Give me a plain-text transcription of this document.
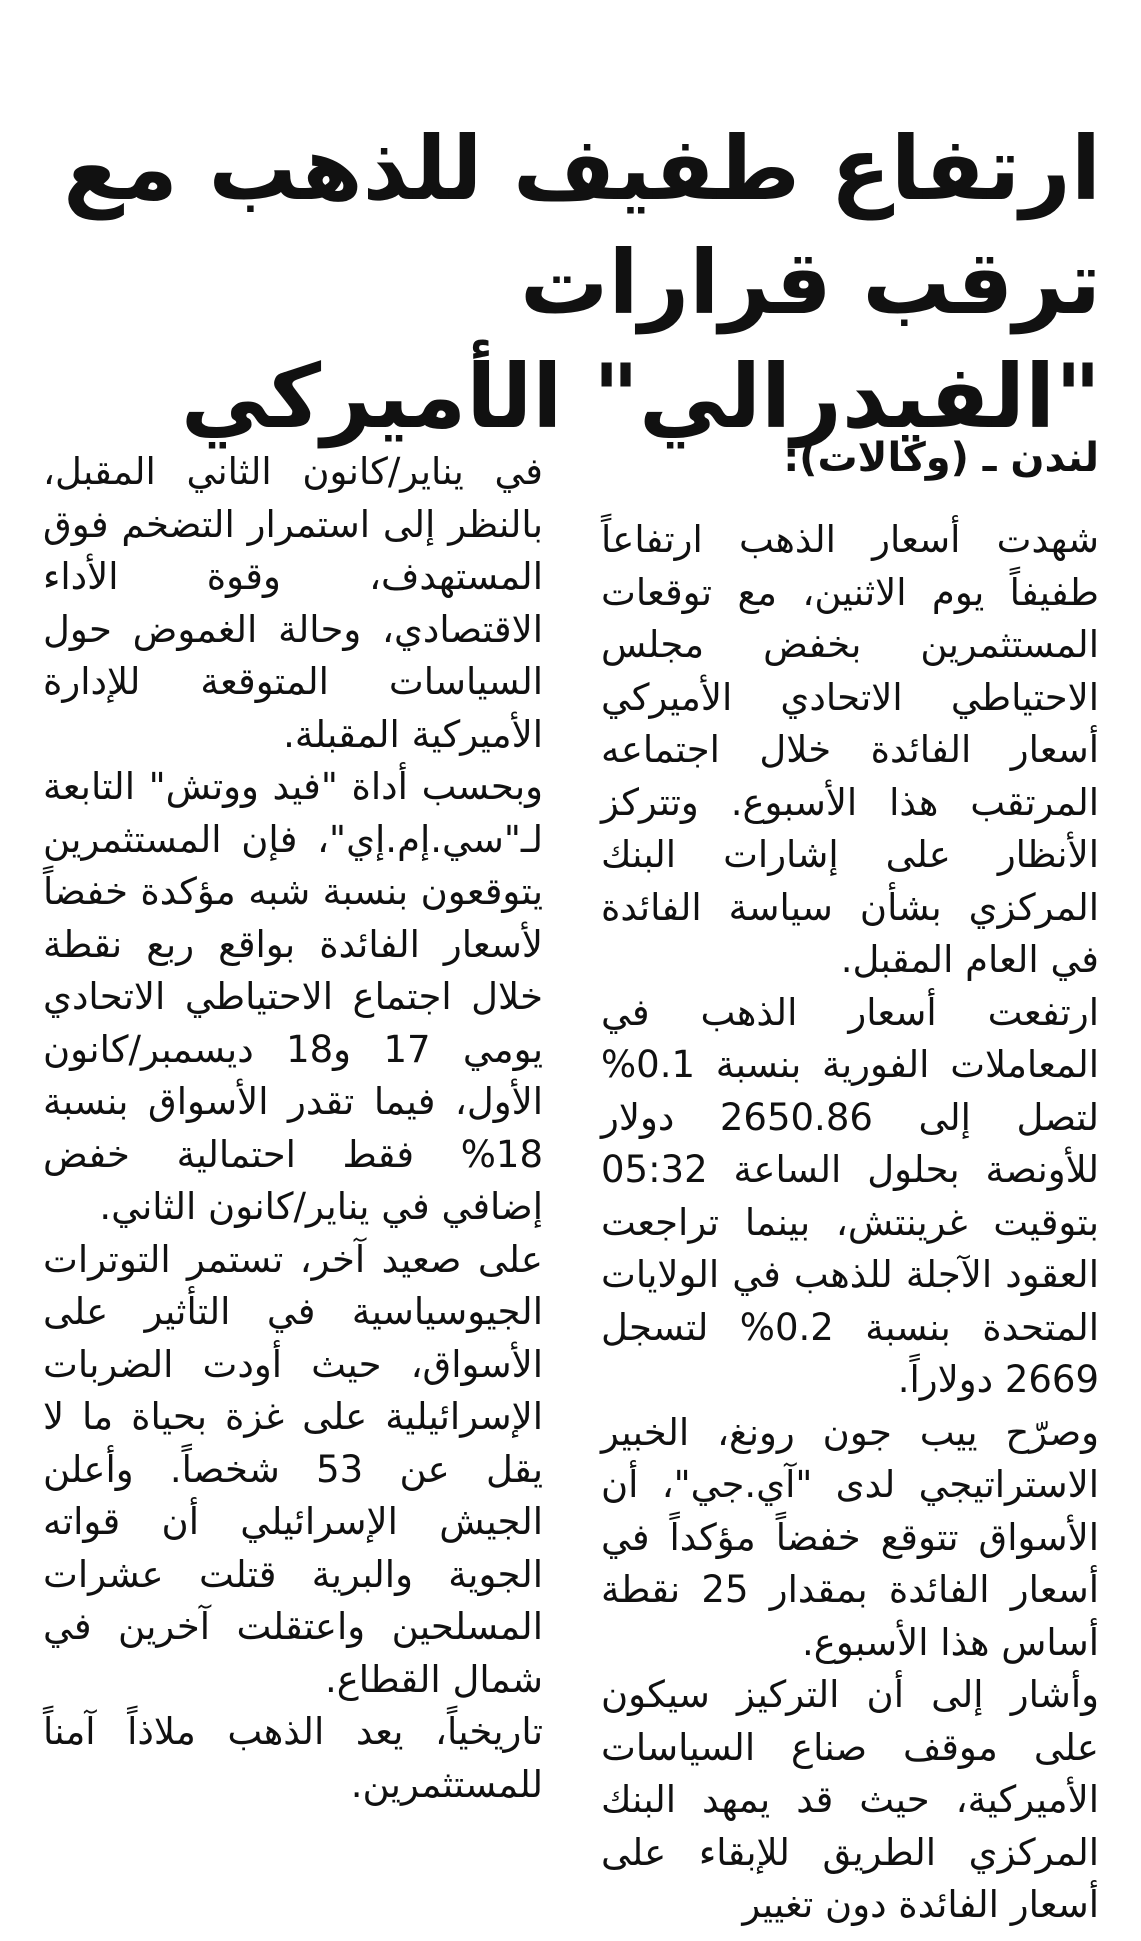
ارتفاع طفيف للذهب مع ترقب قرارات
"الفيدرالي" الأميركي

لندن ـ (وكالات):

شهدت أسعار الذهب ارتفاعاً طفيفاً يوم الاثنين، مع توقعات المستثمرين بخفض مجلس الاحتياطي الاتحادي الأميركي أسعار الفائدة خلال اجتماعه المرتقب هذا الأسبوع. وتتركز الأنظار على إشارات البنك المركزي بشأن سياسة الفائدة في العام المقبل.

ارتفعت أسعار الذهب في المعاملات الفورية بنسبة 0.1% لتصل إلى 2650.86 دولار للأونصة بحلول الساعة 05:32 بتوقيت غرينتش، بينما تراجعت العقود الآجلة للذهب في الولايات المتحدة بنسبة 0.2% لتسجل 2669 دولاراً.

وصرّح ييب جون رونغ، الخبير الاستراتيجي لدى "آي.جي"، أن الأسواق تتوقع خفضاً مؤكداً في أسعار الفائدة بمقدار 25 نقطة أساس هذا الأسبوع.

وأشار إلى أن التركيز سيكون على موقف صناع السياسات الأميركية، حيث قد يمهد البنك المركزي الطريق للإبقاء على أسعار الفائدة دون تغيير

في يناير/كانون الثاني المقبل، بالنظر إلى استمرار التضخم فوق المستهدف، وقوة الأداء الاقتصادي، وحالة الغموض حول السياسات المتوقعة للإدارة الأميركية المقبلة.

وبحسب أداة "فيد ووتش" التابعة لـ"سي.إم.إي"، فإن المستثمرين يتوقعون بنسبة شبه مؤكدة خفضاً لأسعار الفائدة بواقع ربع نقطة خلال اجتماع الاحتياطي الاتحادي يومي 17 و18 ديسمبر/كانون الأول، فيما تقدر الأسواق بنسبة 18% فقط احتمالية خفض إضافي في يناير/كانون الثاني.

على صعيد آخر، تستمر التوترات الجيوسياسية في التأثير على الأسواق، حيث أودت الضربات الإسرائيلية على غزة بحياة ما لا يقل عن 53 شخصاً. وأعلن الجيش الإسرائيلي أن قواته الجوية والبرية قتلت عشرات المسلحين واعتقلت آخرين في شمال القطاع.

تاريخياً، يعد الذهب ملاذاً آمناً للمستثمرين.
